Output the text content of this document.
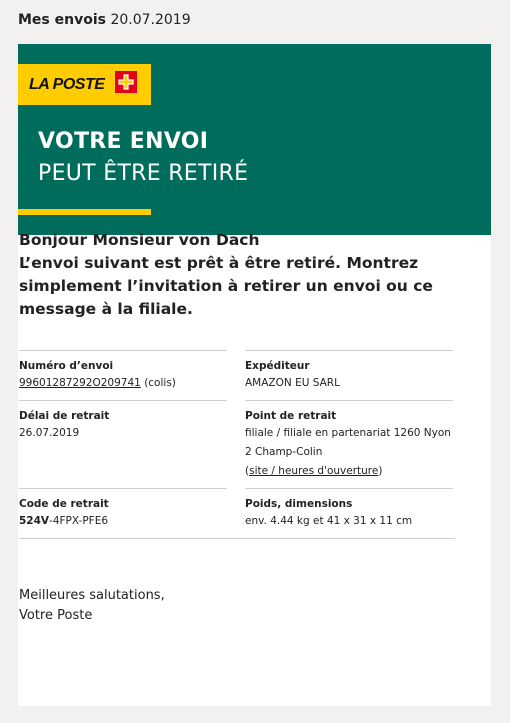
Mes envois 20.07.2019
LA POSTE
VOTRE ENVOI
PEUT ÊTRE RETIRÉ
Bonjour Monsieur von Dach
L’envoi suivant est prêt à être retiré. Montrez simplement l’invitation à retirer un envoi ou ce message à la filiale.
Numéro d’envoi
99601287292O209741 (colis)
Expéditeur
AMAZON EU SARL
Délai de retrait
26.07.2019
Point de retrait
filiale / filiale en partenariat 1260 Nyon
2 Champ-Colin
(site / heures d'ouverture)
Code de retrait
524V-4FPX-PFE6
Poids, dimensions
env. 4.44 kg et 41 x 31 x 11 cm
Meilleures salutations,
Votre Poste
